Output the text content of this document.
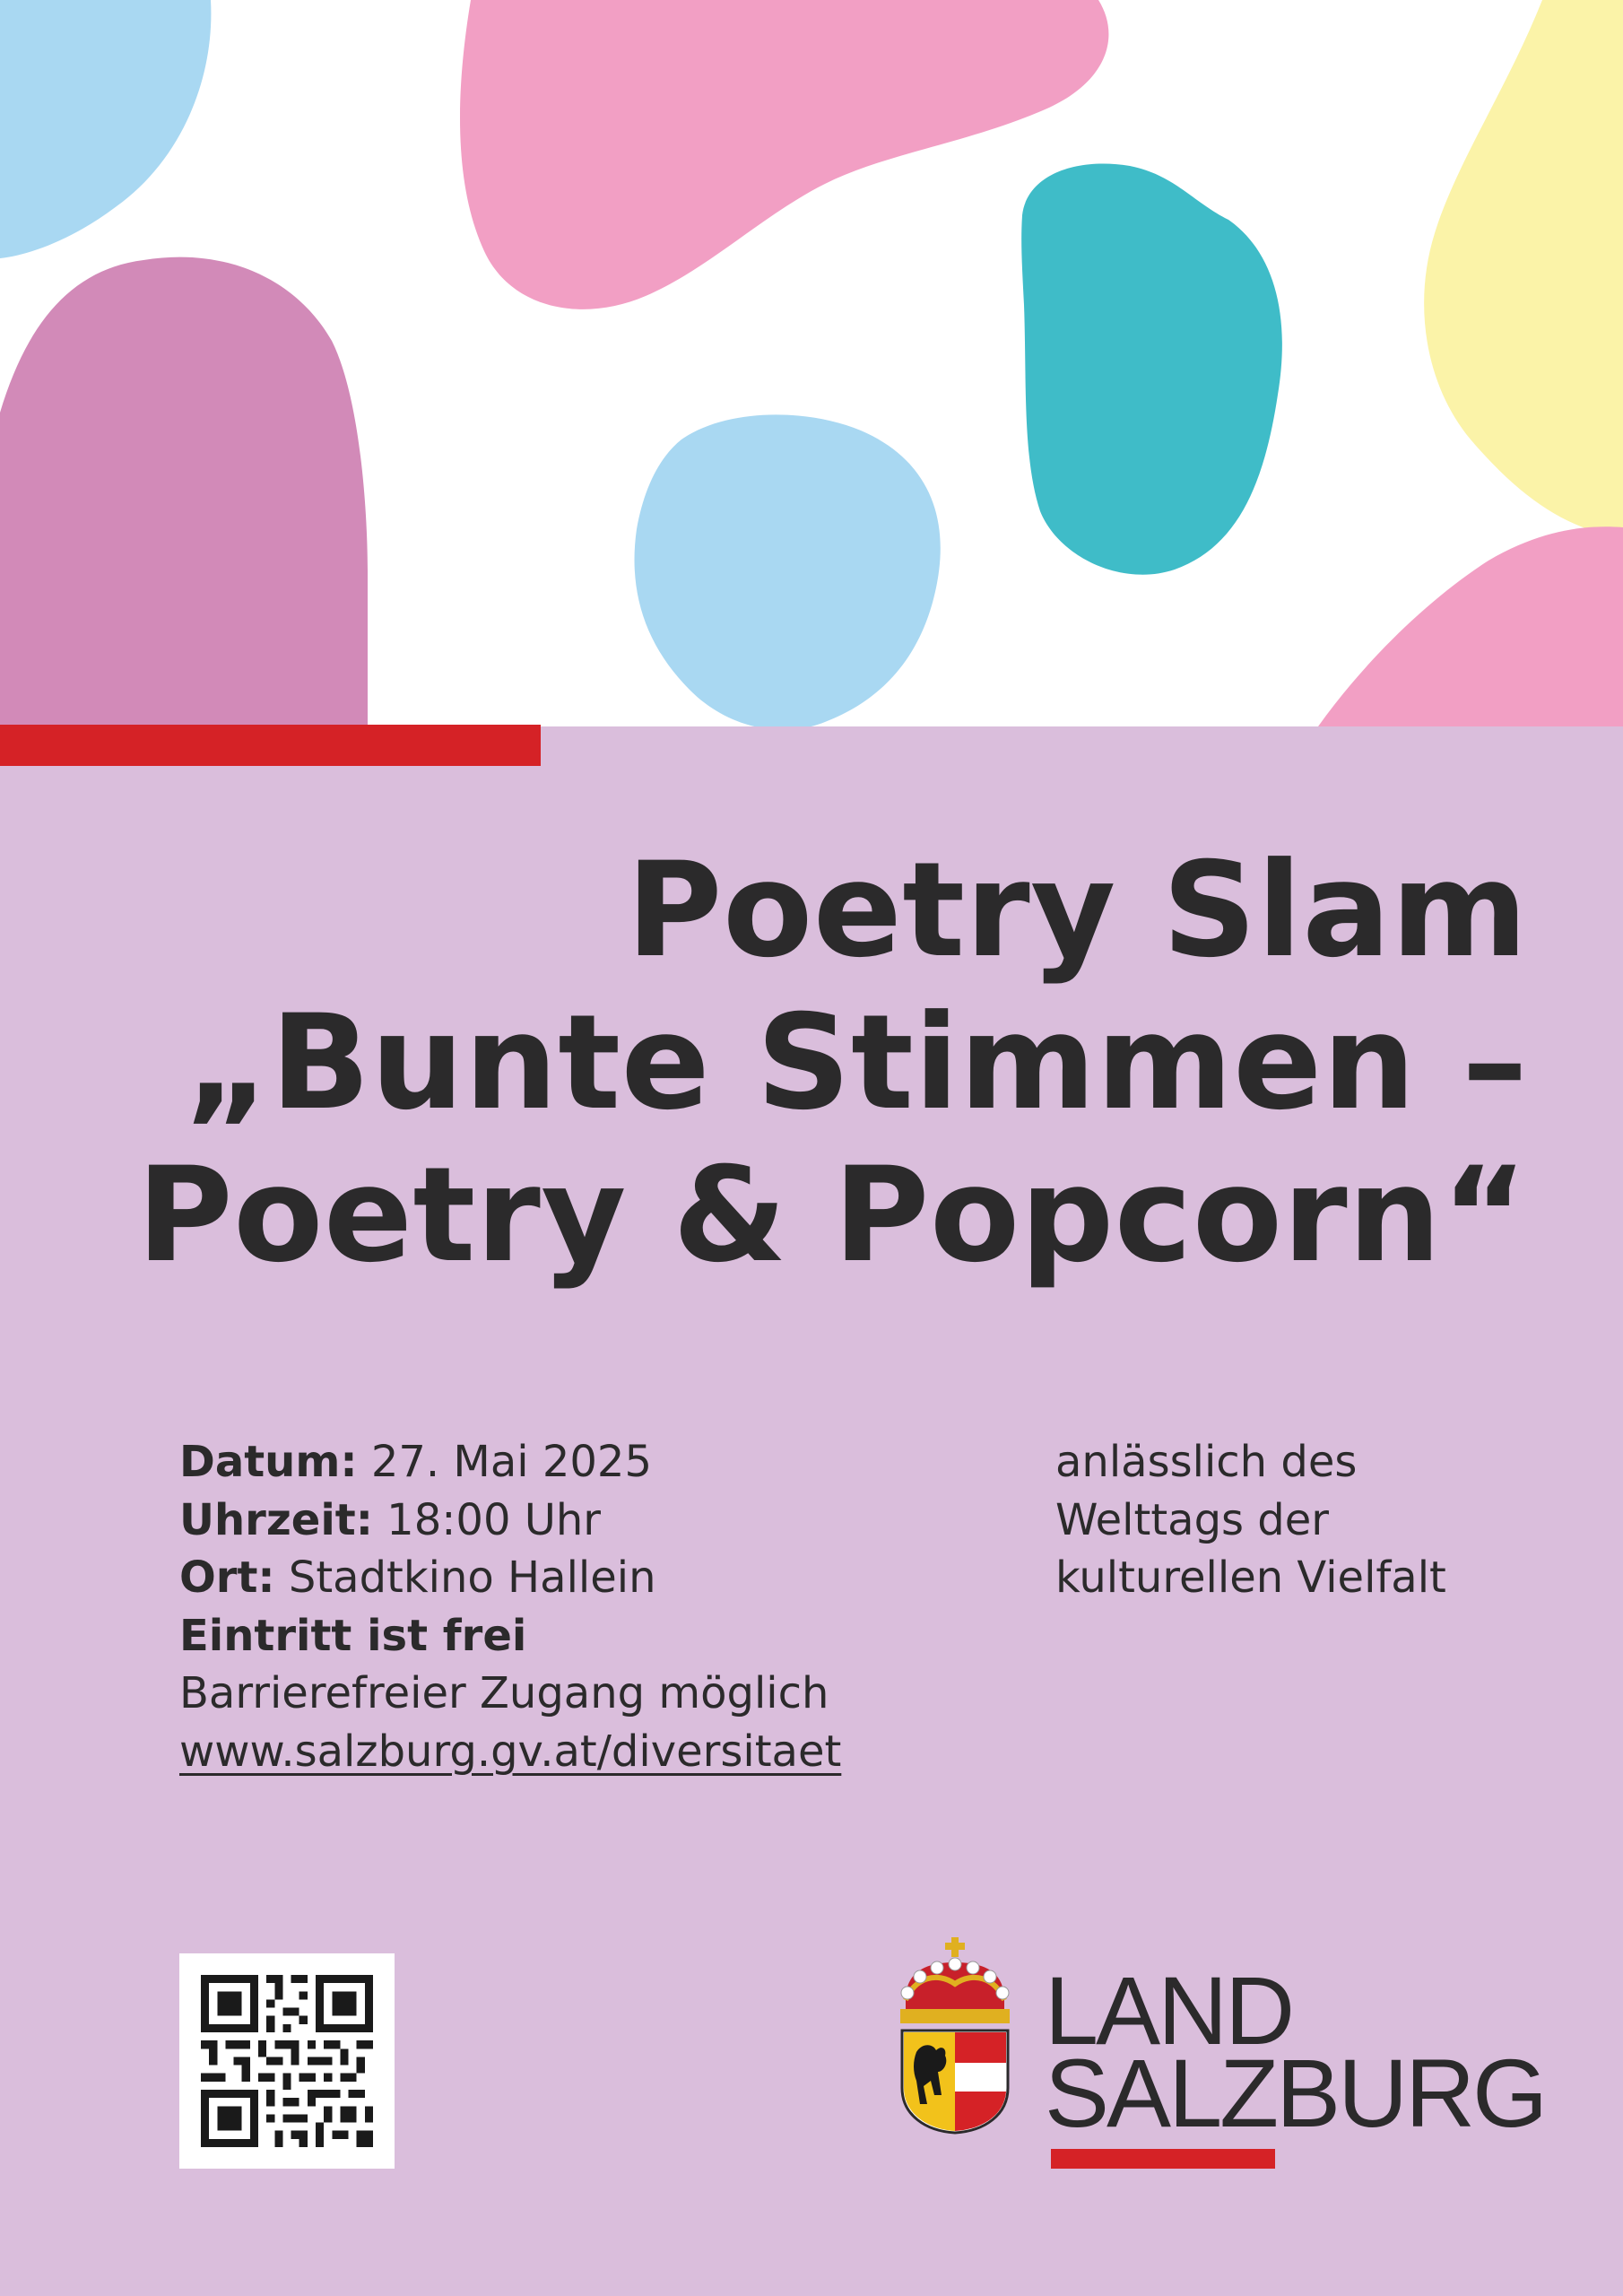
Poetry Slam
„Bunte Stimmen –
Poetry & Popcorn“
Datum: 27. Mai 2025
Uhrzeit: 18:00 Uhr
Ort: Stadtkino Hallein
Eintritt ist frei
Barrierefreier Zugang möglich
www.salzburg.gv.at/diversitaet
anlässlich des
Welttags der
kulturellen Vielfalt
LAND
SALZBURG
